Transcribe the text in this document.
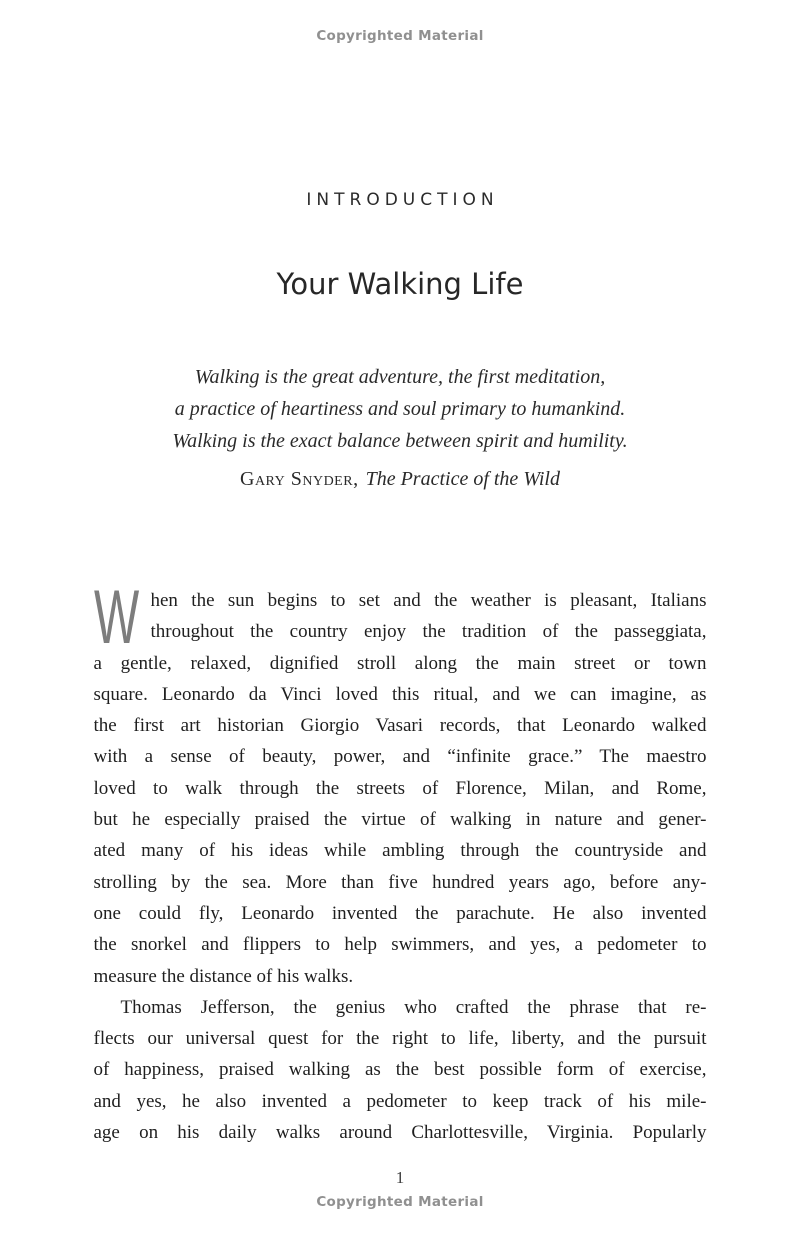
Copyrighted Material
INTRODUCTION
Your Walking Life
Walking is the great adventure, the first meditation,
a practice of heartiness and soul primary to humankind.
Walking is the exact balance between spirit and humility.
Gary Snyder, The Practice of the Wild

W hen the sun begins to set and the weather is pleasant, Italians
throughout the country enjoy the tradition of the passeggiata,
a gentle, relaxed, dignified stroll along the main street or town
square. Leonardo da Vinci loved this ritual, and we can imagine, as
the first art historian Giorgio Vasari records, that Leonardo walked
with a sense of beauty, power, and “infinite grace.” The maestro
loved to walk through the streets of Florence, Milan, and Rome,
but he especially praised the virtue of walking in nature and gener-
ated many of his ideas while ambling through the countryside and
strolling by the sea. More than five hundred years ago, before any-
one could fly, Leonardo invented the parachute. He also invented
the snorkel and flippers to help swimmers, and yes, a pedometer to
measure the distance of his walks.

Thomas Jefferson, the genius who crafted the phrase that re-
flects our universal quest for the right to life, liberty, and the pursuit
of happiness, praised walking as the best possible form of exercise,
and yes, he also invented a pedometer to keep track of his mile-
age on his daily walks around Charlottesville, Virginia. Popularly

1
Copyrighted Material
